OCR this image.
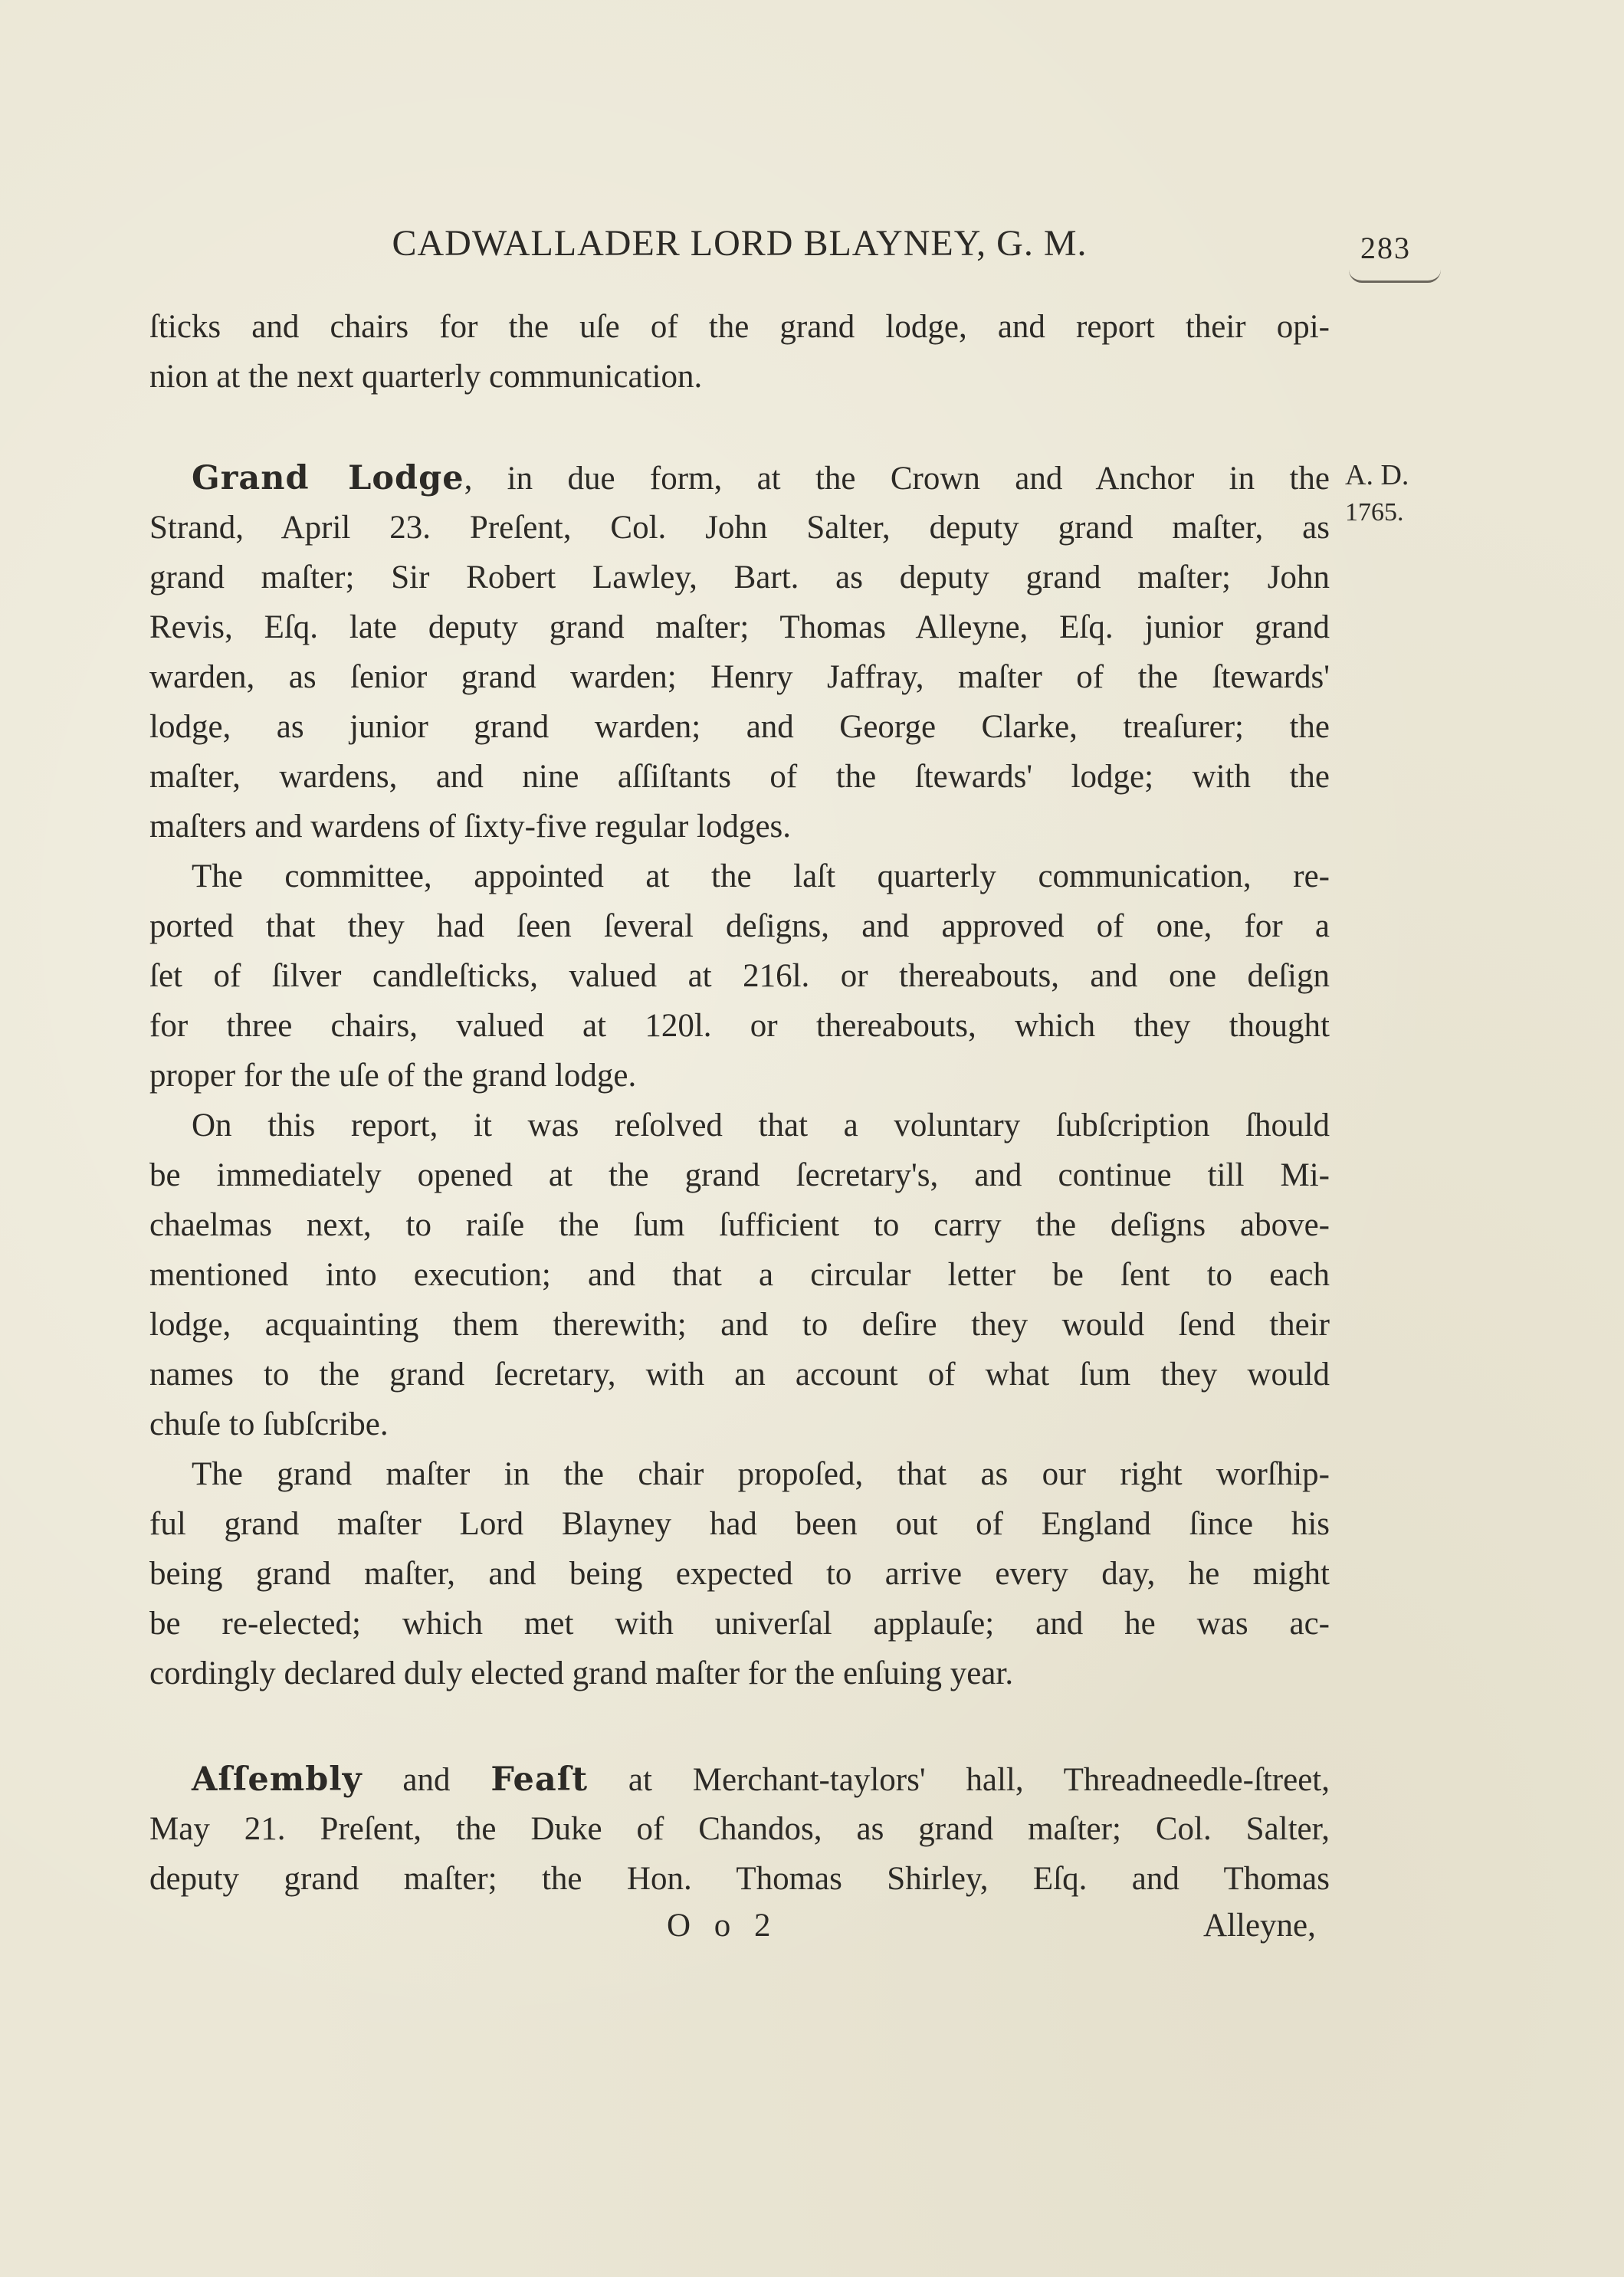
CADWALLADER LORD BLAYNEY, G. M.	283
ſticks and chairs for the uſe of the grand lodge, and report their opi-
nion at the next quarterly communication.
Grand Lodge, in due form, at the Crown and Anchor in the A. D.
1765.
Strand, April 23. Preſent, Col. John Salter, deputy grand maſter, as
grand maſter; Sir Robert Lawley, Bart. as deputy grand maſter; John
Revis, Eſq. late deputy grand maſter; Thomas Alleyne, Eſq. junior grand
warden, as ſenior grand warden; Henry Jaffray, maſter of the ſtewards'
lodge, as junior grand warden; and George Clarke, treaſurer; the
maſter, wardens, and nine aſſiſtants of the ſtewards' lodge; with the
maſters and wardens of ſixty-five regular lodges.
The committee, appointed at the laſt quarterly communication, re-
ported that they had ſeen ſeveral deſigns, and approved of one, for a
ſet of ſilver candleſticks, valued at 216l. or thereabouts, and one deſign
for three chairs, valued at 120l. or thereabouts, which they thought
proper for the uſe of the grand lodge.
On this report, it was reſolved that a voluntary ſubſcription ſhould
be immediately opened at the grand ſecretary's, and continue till Mi-
chaelmas next, to raiſe the ſum ſufficient to carry the deſigns above-
mentioned into execution; and that a circular letter be ſent to each
lodge, acquainting them therewith; and to deſire they would ſend their
names to the grand ſecretary, with an account of what ſum they would
chuſe to ſubſcribe.
The grand maſter in the chair propoſed, that as our right worſhip-
ful grand maſter Lord Blayney had been out of England ſince his
being grand maſter, and being expected to arrive every day, he might
be re-elected; which met with univerſal applauſe; and he was ac-
cordingly declared duly elected grand maſter for the enſuing year.
Aſſembly and Feaſt at Merchant-taylors' hall, Threadneedle-ſtreet,
May 21. Preſent, the Duke of Chandos, as grand maſter; Col. Salter,
deputy grand maſter; the Hon. Thomas Shirley, Eſq. and Thomas
O o 2	Alleyne,
